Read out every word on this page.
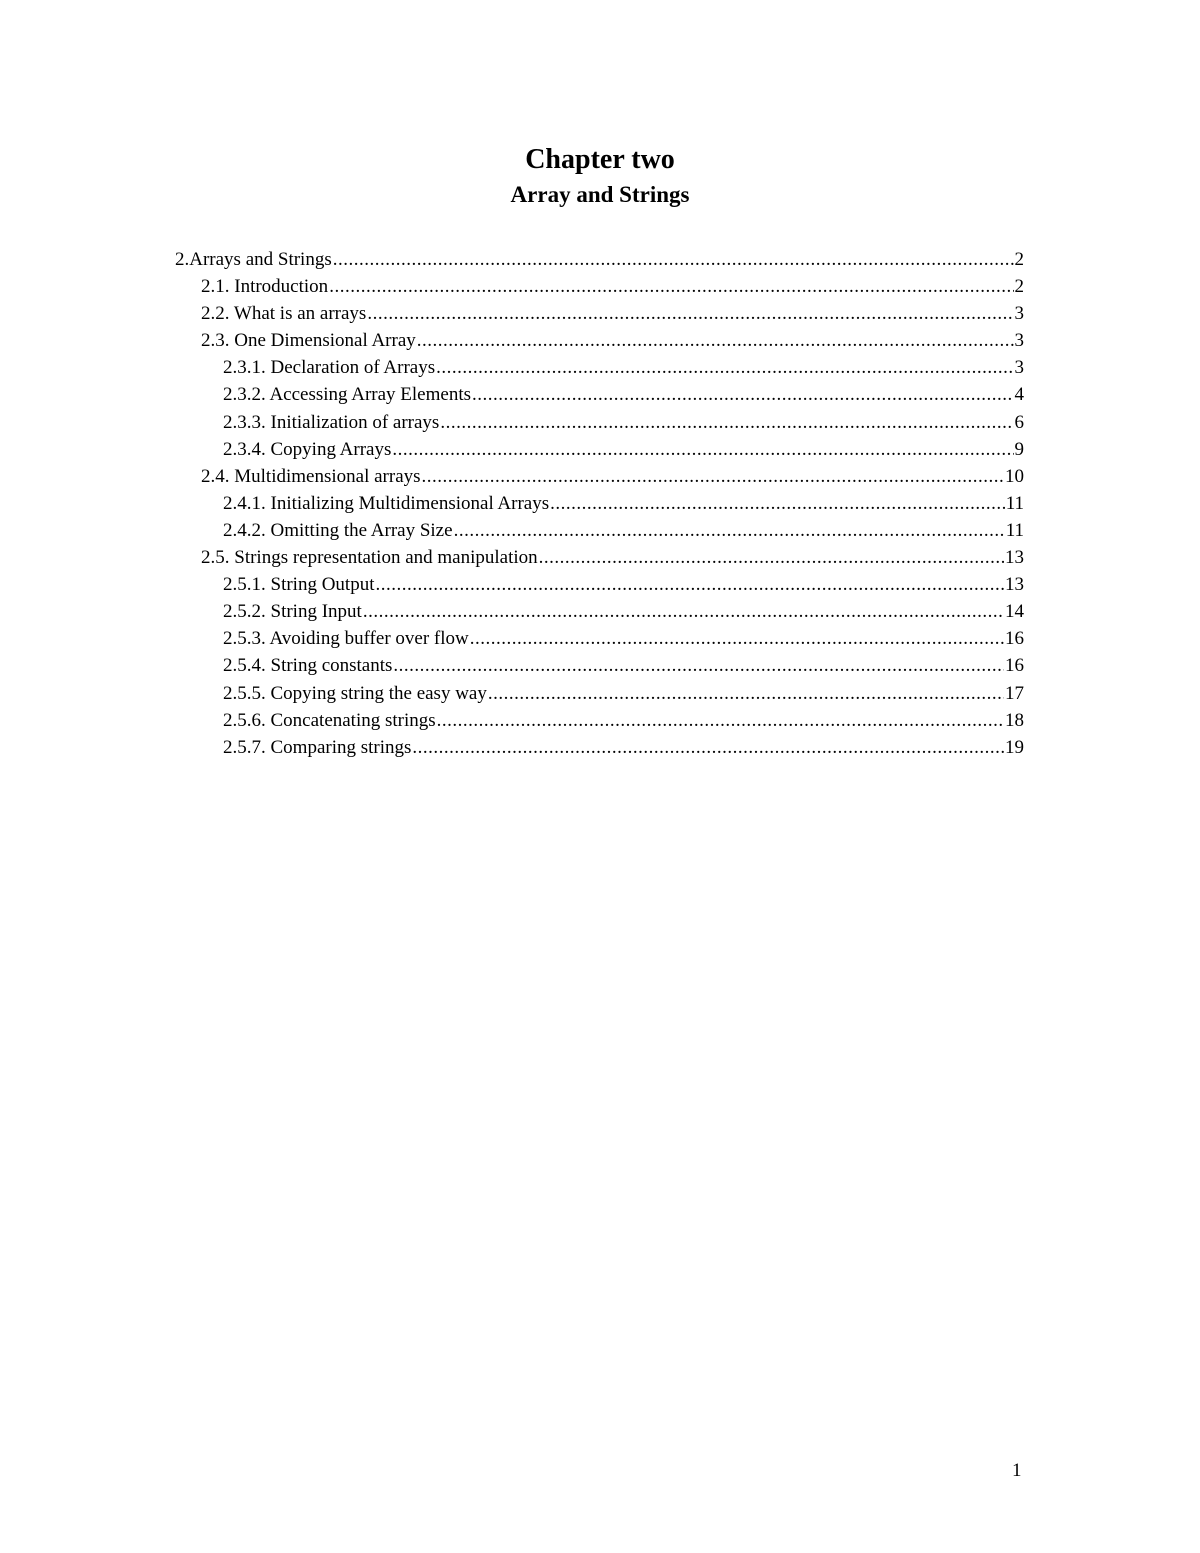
Chapter two
Array and Strings
2.Arrays and Strings .....	2
2.1. Introduction .....	2
2.2. What is an arrays .....	3
2.3. One Dimensional Array .....	3
2.3.1. Declaration of Arrays .....	3
2.3.2. Accessing Array Elements .....	4
2.3.3. Initialization of arrays .....	6
2.3.4. Copying Arrays .....	9
2.4. Multidimensional arrays .....	10
2.4.1. Initializing Multidimensional Arrays .....	11
2.4.2. Omitting the Array Size .....	11
2.5. Strings representation and manipulation .....	13
2.5.1. String Output .....	13
2.5.2. String Input .....	14
2.5.3. Avoiding buffer over flow .....	16
2.5.4. String constants .....	16
2.5.5. Copying string the easy way .....	17
2.5.6. Concatenating strings .....	18
2.5.7. Comparing strings .....	19
1
